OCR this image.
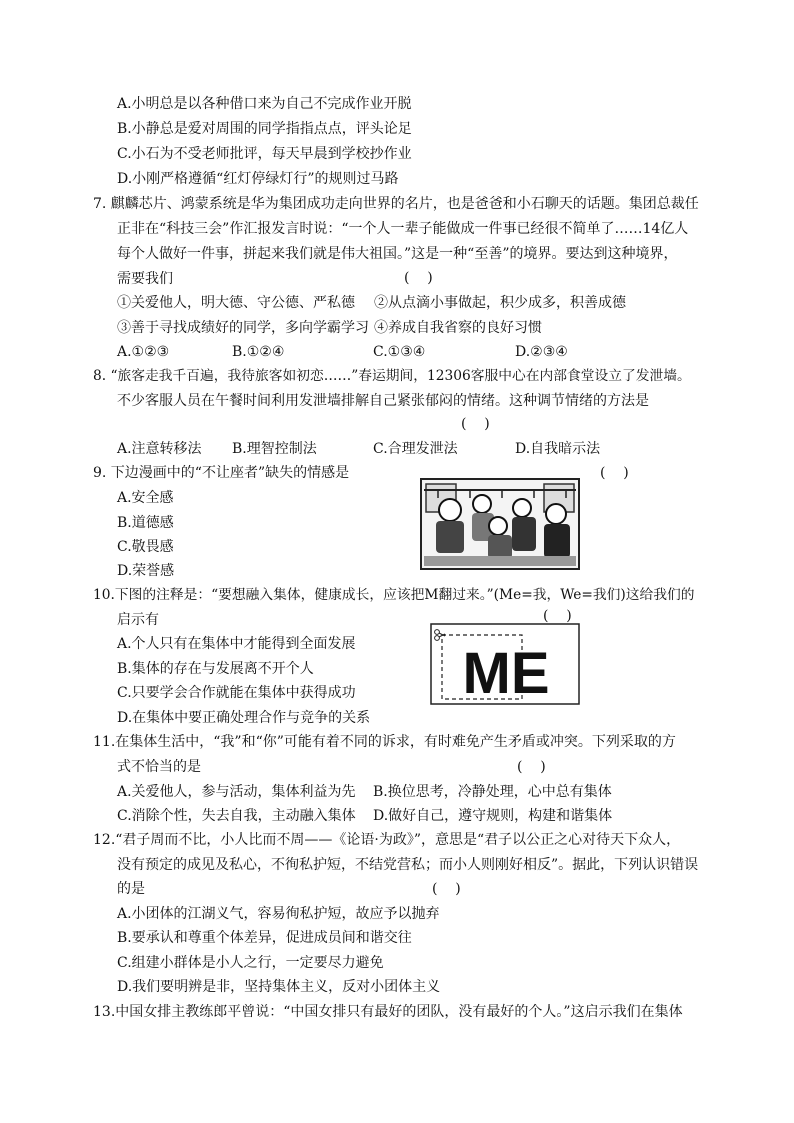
A.小明总是以各种借口来为自己不完成作业开脱
B.小静总是爱对周围的同学指指点点，评头论足
C.小石为不受老师批评，每天早晨到学校抄作业
D.小刚严格遵循“红灯停绿灯行”的规则过马路
7. 麒麟芯片、鸿蒙系统是华为集团成功走向世界的名片，也是爸爸和小石聊天的话题。集团总裁任
正非在“科技三会”作汇报发言时说：“一个人一辈子能做成一件事已经很不简单了……14亿人
每个人做好一件事，拼起来我们就是伟大祖国。”这是一种“至善”的境界。要达到这种境界，
需要我们	(    )
①关爱他人，明大德、守公德、严私德 ②从点滴小事做起，积少成多，积善成德
③善于寻找成绩好的同学，多向学霸学习 ④养成自我省察的良好习惯
A.①②③	B.①②④	C.①③④	D.②③④
8. “旅客走我千百遍，我待旅客如初恋……”春运期间，12306客服中心在内部食堂设立了发泄墙。
不少客服人员在午餐时间利用发泄墙排解自己紧张郁闷的情绪。这种调节情绪的方法是
(    )
A.注意转移法 B.理智控制法	C.合理发泄法	D.自我暗示法
9. 下边漫画中的“不让座者”缺失的情感是	(    )
A.安全感
B.道德感
C.敬畏感
D.荣誉感
10.下图的注释是：“要想融入集体，健康成长，应该把M翻过来。”(Me=我，We=我们)这给我们的
启示有	(    )
A.个人只有在集体中才能得到全面发展
B.集体的存在与发展离不开个人
C.只要学会合作就能在集体中获得成功
D.在集体中要正确处理合作与竞争的关系
ME
11.在集体生活中，“我”和“你”可能有着不同的诉求，有时难免产生矛盾或冲突。下列采取的方
式不恰当的是	(    )
A.关爱他人，参与活动，集体利益为先 B.换位思考，冷静处理，心中总有集体
C.消除个性，失去自我，主动融入集体 D.做好自己，遵守规则，构建和谐集体
12.“君子周而不比，小人比而不周——《论语·为政》”，意思是“君子以公正之心对待天下众人，
没有预定的成见及私心，不徇私护短，不结党营私；而小人则刚好相反”。据此，下列认识错误
的是	(    )
A.小团体的江湖义气，容易徇私护短，故应予以抛弃
B.要承认和尊重个体差异，促进成员间和谐交往
C.组建小群体是小人之行，一定要尽力避免
D.我们要明辨是非，坚持集体主义，反对小团体主义
13.中国女排主教练郎平曾说：“中国女排只有最好的团队，没有最好的个人。”这启示我们在集体
